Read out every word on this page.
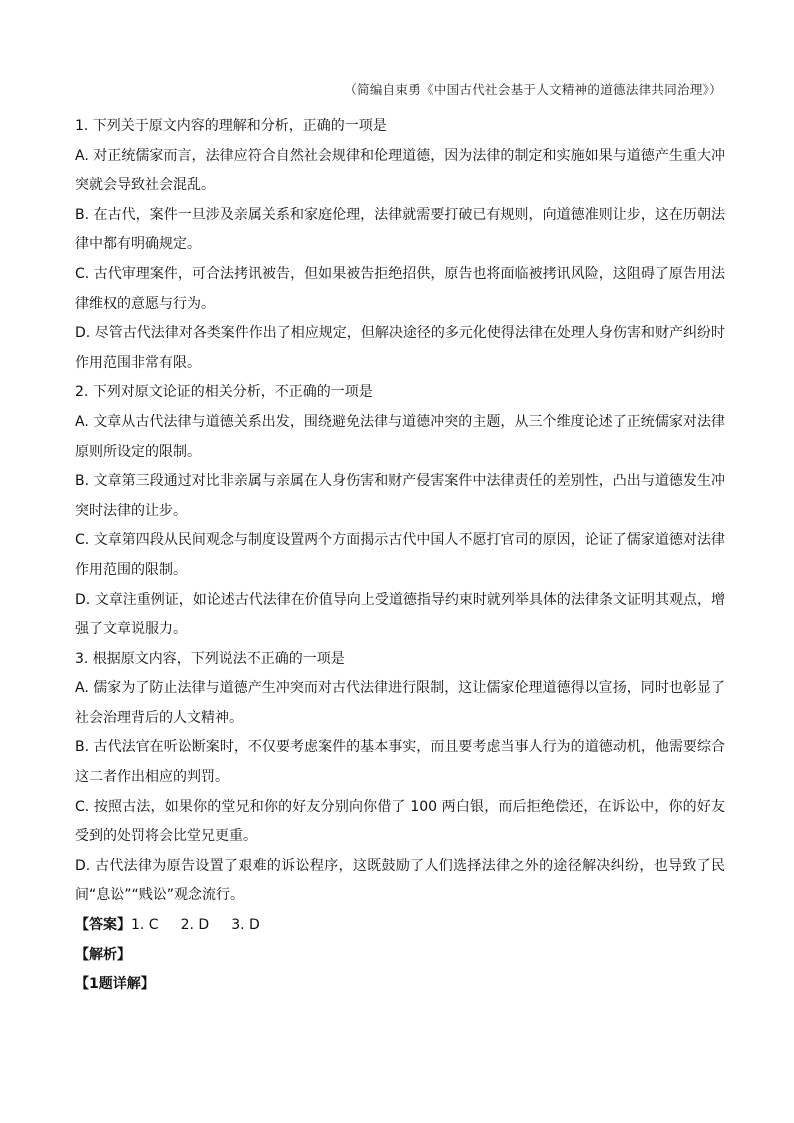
（简编自束勇《中国古代社会基于人文精神的道德法律共同治理》）

1. 下列关于原文内容的理解和分析，正确的一项是

A. 对正统儒家而言，法律应符合自然社会规律和伦理道德，因为法律的制定和实施如果与道德产生重大冲突就会导致社会混乱。

B. 在古代，案件一旦涉及亲属关系和家庭伦理，法律就需要打破已有规则，向道德准则让步，这在历朝法律中都有明确规定。

C. 古代审理案件，可合法拷讯被告，但如果被告拒绝招供，原告也将面临被拷讯风险，这阻碍了原告用法律维权的意愿与行为。

D. 尽管古代法律对各类案件作出了相应规定，但解决途径的多元化使得法律在处理人身伤害和财产纠纷时作用范围非常有限。

2. 下列对原文论证的相关分析，不正确的一项是

A. 文章从古代法律与道德关系出发，围绕避免法律与道德冲突的主题，从三个维度论述了正统儒家对法律原则所设定的限制。

B. 文章第三段通过对比非亲属与亲属在人身伤害和财产侵害案件中法律责任的差别性，凸出与道德发生冲突时法律的让步。

C. 文章第四段从民间观念与制度设置两个方面揭示古代中国人不愿打官司的原因，论证了儒家道德对法律作用范围的限制。

D. 文章注重例证，如论述古代法律在价值导向上受道德指导约束时就列举具体的法律条文证明其观点，增强了文章说服力。

3. 根据原文内容，下列说法不正确的一项是

A. 儒家为了防止法律与道德产生冲突而对古代法律进行限制，这让儒家伦理道德得以宣扬，同时也彰显了社会治理背后的人文精神。

B. 古代法官在听讼断案时，不仅要考虑案件的基本事实，而且要考虑当事人行为的道德动机，他需要综合这二者作出相应的判罚。

C. 按照古法，如果你的堂兄和你的好友分别向你借了 100 两白银，而后拒绝偿还，在诉讼中，你的好友受到的处罚将会比堂兄更重。

D. 古代法律为原告设置了艰难的诉讼程序，这既鼓励了人们选择法律之外的途径解决纠纷，也导致了民间“息讼”“贱讼”观念流行。

【答案】1. C 2. D 3. D

【解析】

【1题详解】
